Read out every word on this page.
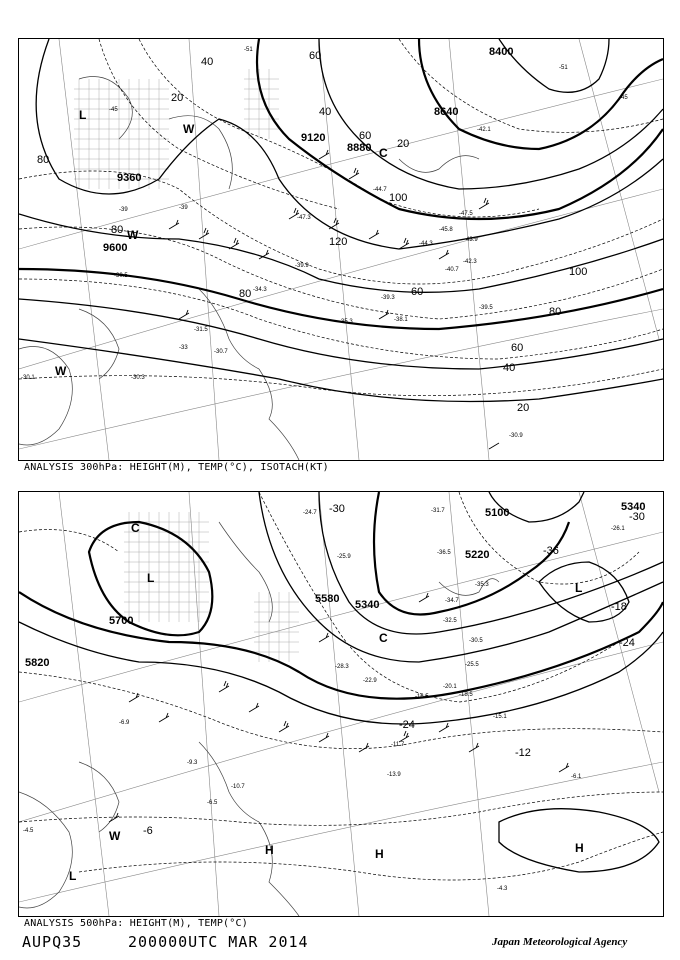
9360
9600
9120
8880
8640
8400
40	60
80
100
120
20
80
60
40
20
100
80
60
40
80	60
20
-45
-51
-39
-33
-30.5
-31.5
-30.7
-39.3
-38.1
-35.3
-39.9
-40.7
-42.3
-45.8
-44.3
-39.5
-30.3
-30.9
-43.9
-47.5
-51
-45
-42.1
-44.7
-47.3
-34.3
-30.1
-39
L
W
W
W
C
ANALYSIS 300hPa: HEIGHT(M), TEMP(°C), ISOTACH(KT)
5700
5820
5580 5340
5100
5220
5340
-12
-18
-24
-30
-36
-30
-24
-6
-11.7
-13.9
-16.5
-6.9
-9.3
-10.7
-6.5
-4.3
-4.5
-20.1
-25.5
-32.5
-34.7
-35.3
-30.5
-18.5
-15.1
-6.1
-26.1
-24.7
-25.9
-28.3
-22.9
-36.5
-31.7
L
C
C
L
H	H	H
L
W
ANALYSIS 500hPa: HEIGHT(M), TEMP(°C)
AUPQ35	200000UTC MAR 2014	Japan Meteorological Agency
